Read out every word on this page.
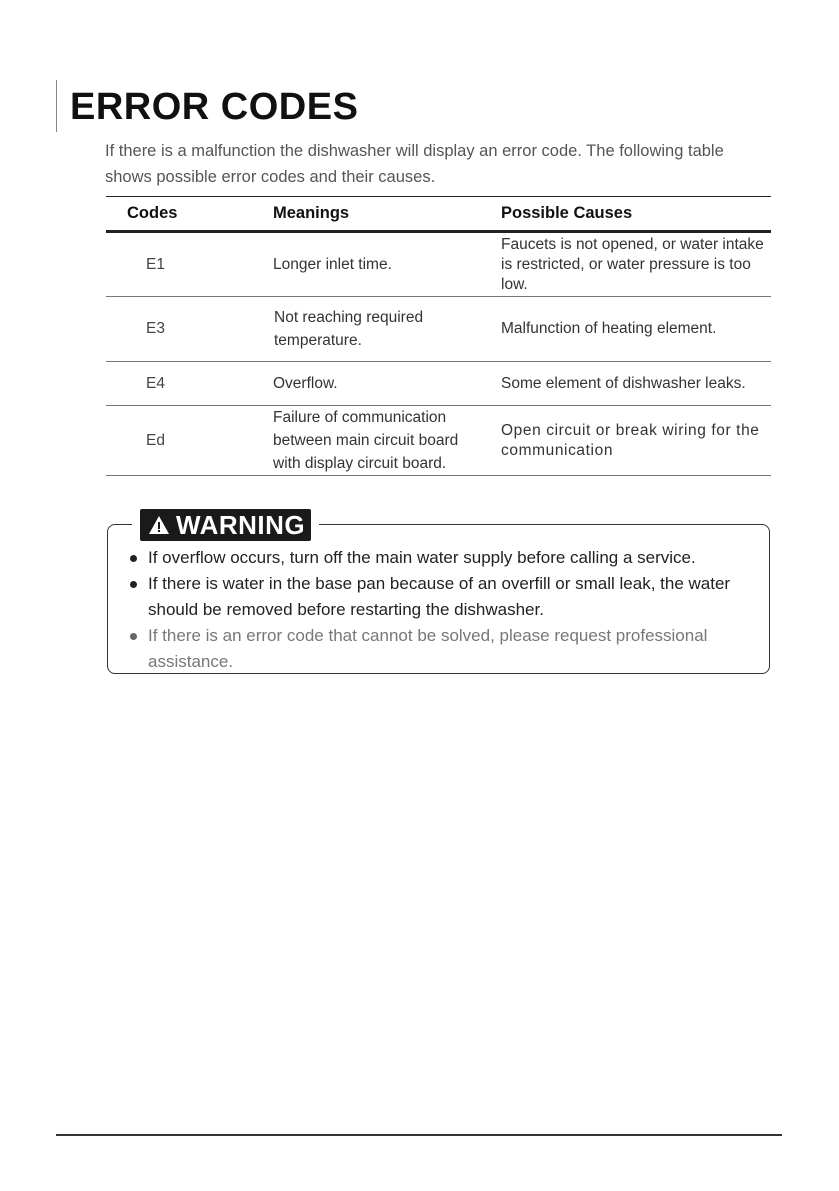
ERROR CODES

If there is a malfunction the dishwasher will display an error code. The following table shows possible error codes and their causes.

Codes	Meanings	Possible Causes
E1	Longer inlet time.	Faucets is not opened, or water intake is restricted, or water pressure is too low.
E3	Not reaching required temperature.	Malfunction of heating element.
E4	Overflow.	Some element of dishwasher leaks.
Ed	Failure of communication between main circuit board with display circuit board.	Open circuit or break wiring for the communication
WARNING
If overflow occurs, turn off the main water supply before calling a service.
If there is water in the base pan because of an overfill or small leak, the water should be removed before restarting the dishwasher.
If there is an error code that cannot be solved, please request professional assistance.
